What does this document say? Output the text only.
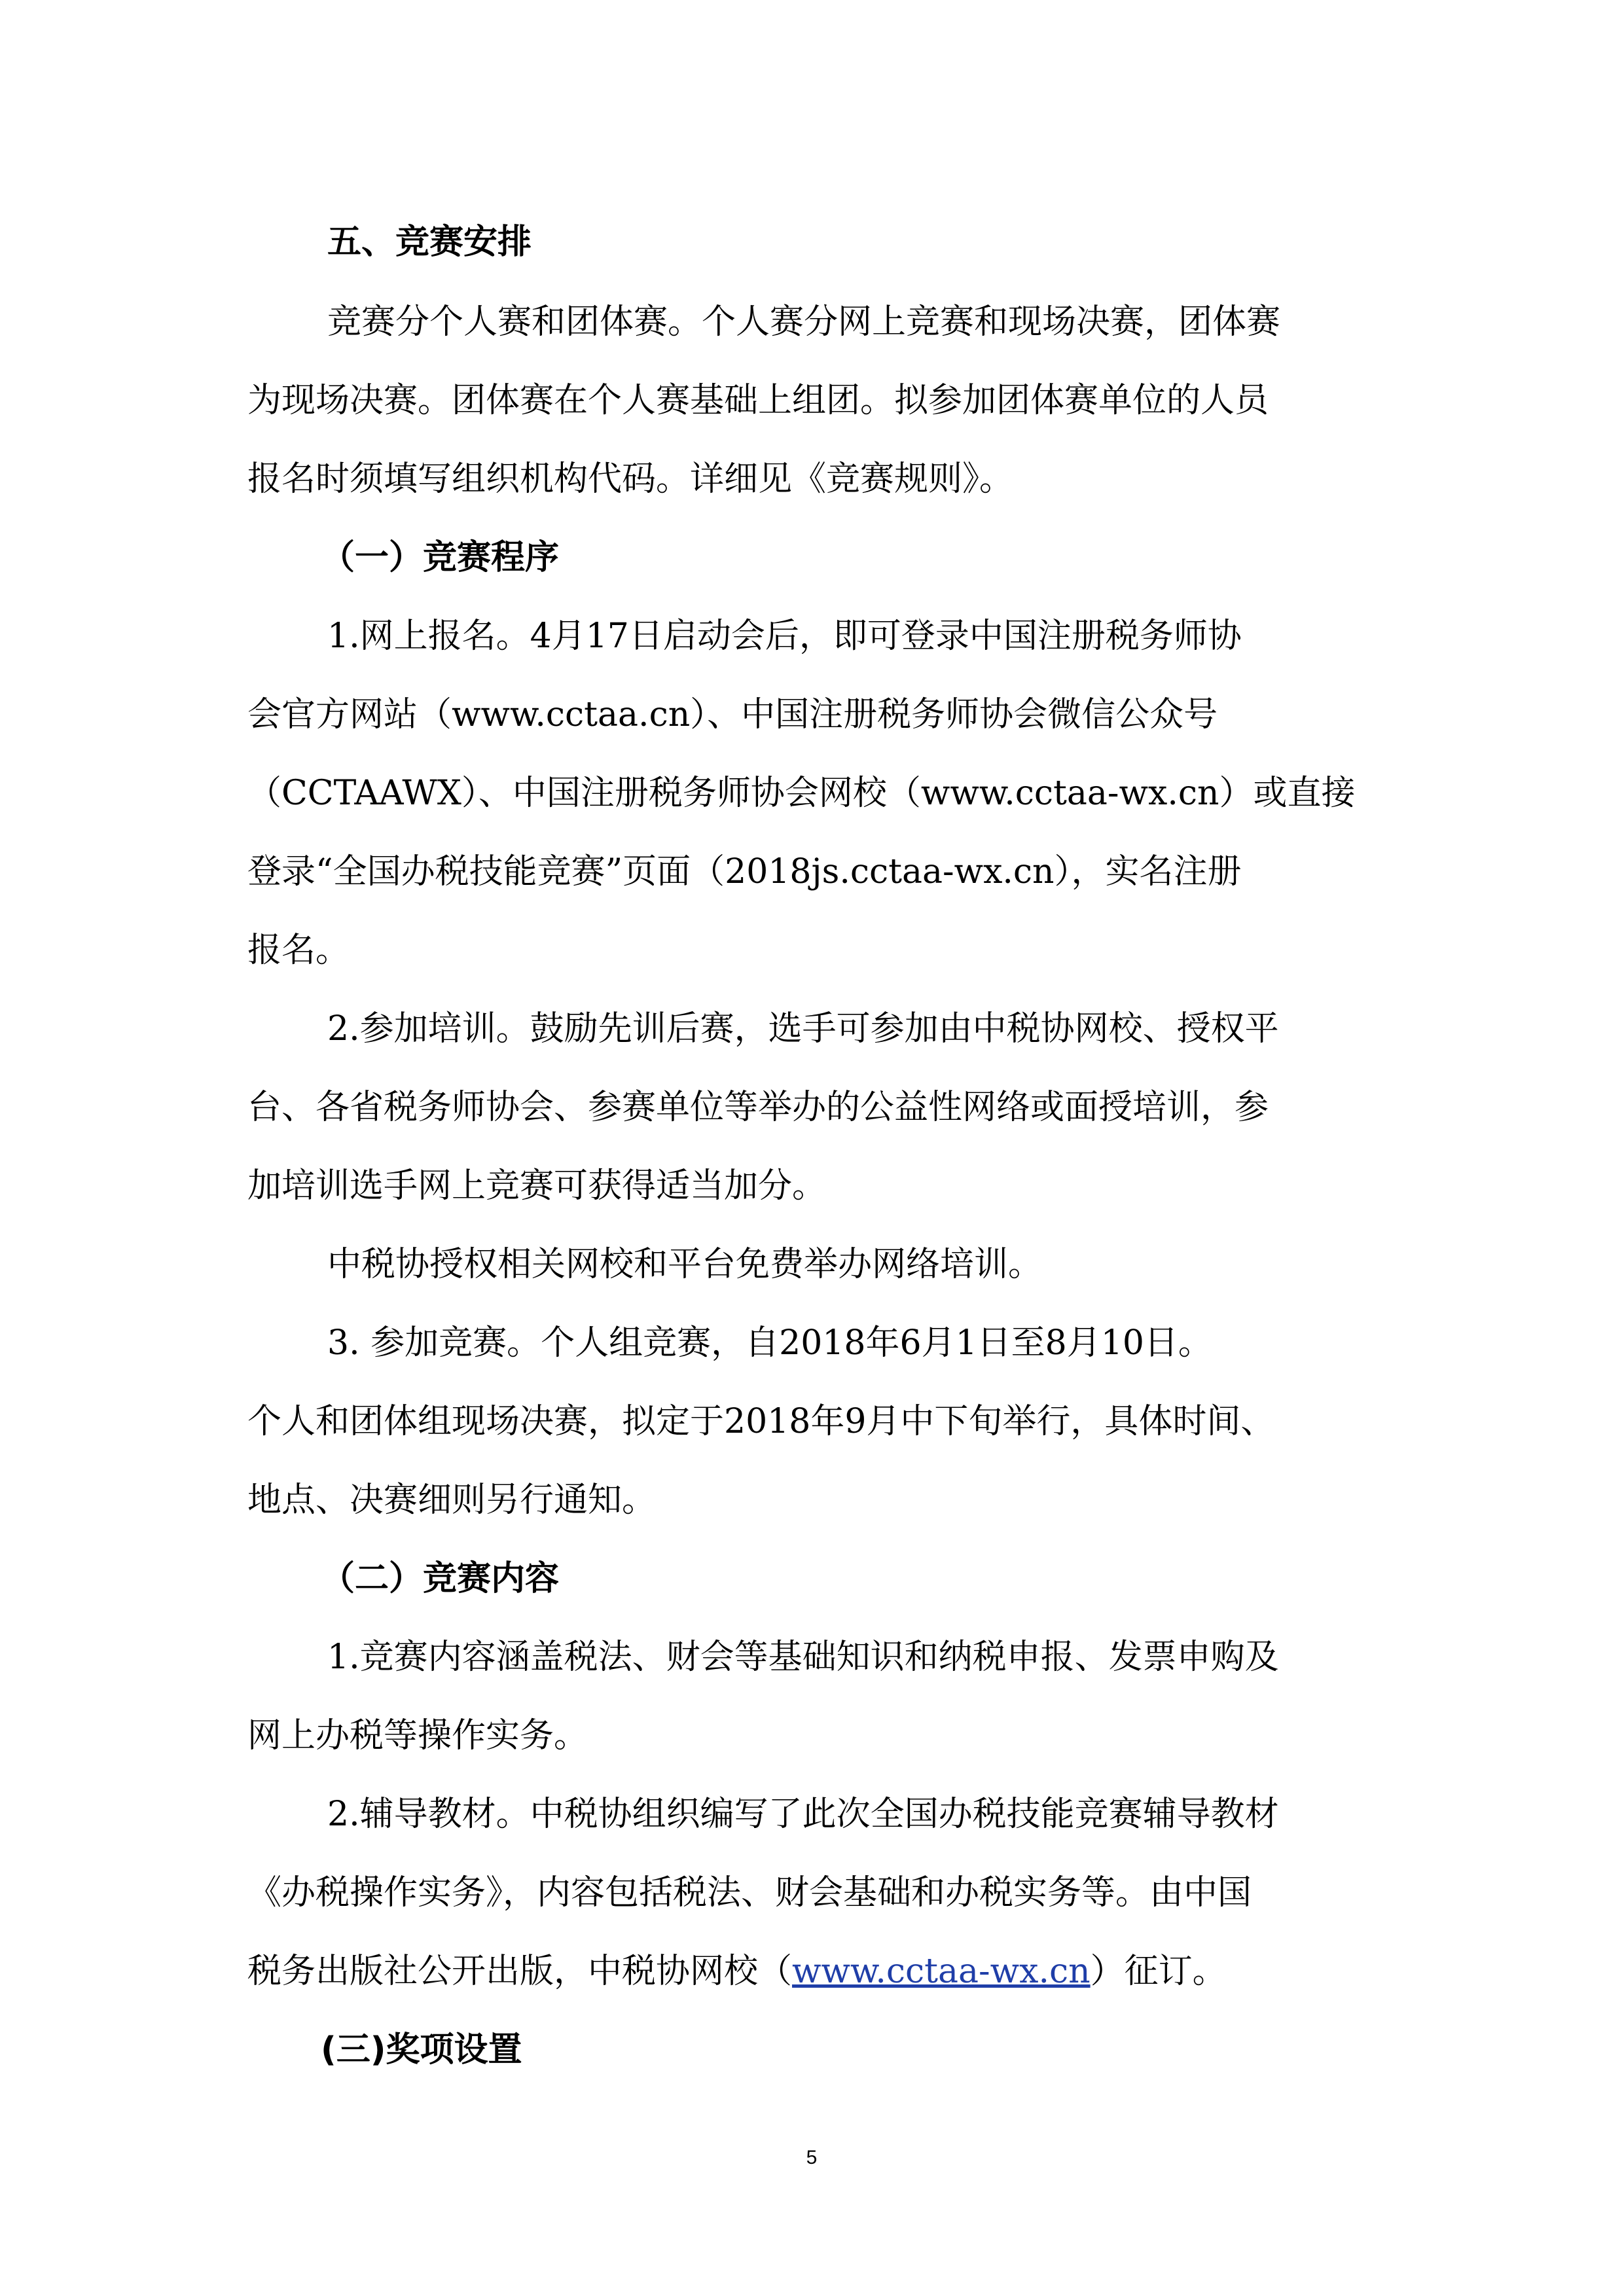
五、竞赛安排

竞赛分个人赛和团体赛。个人赛分网上竞赛和现场决赛，团体赛

为现场决赛。团体赛在个人赛基础上组团。拟参加团体赛单位的人员

报名时须填写组织机构代码。详细见《竞赛规则》。

（一）竞赛程序

1.网上报名。4月17日启动会后，即可登录中国注册税务师协

会官方网站（www.cctaa.cn）、中国注册税务师协会微信公众号

（CCTAAWX）、中国注册税务师协会网校（www.cctaa-wx.cn）或直接

登录“全国办税技能竞赛”页面（2018js.cctaa-wx.cn），实名注册

报名。

2.参加培训。鼓励先训后赛，选手可参加由中税协网校、授权平

台、各省税务师协会、参赛单位等举办的公益性网络或面授培训，参

加培训选手网上竞赛可获得适当加分。

中税协授权相关网校和平台免费举办网络培训。

3. 参加竞赛。个人组竞赛，自2018年6月1日至8月10日。

个人和团体组现场决赛，拟定于2018年9月中下旬举行，具体时间、

地点、决赛细则另行通知。

（二）竞赛内容

1.竞赛内容涵盖税法、财会等基础知识和纳税申报、发票申购及

网上办税等操作实务。

2.辅导教材。中税协组织编写了此次全国办税技能竞赛辅导教材

《办税操作实务》，内容包括税法、财会基础和办税实务等。由中国

税务出版社公开出版，中税协网校（www.cctaa-wx.cn）征订。

(三)奖项设置
5
